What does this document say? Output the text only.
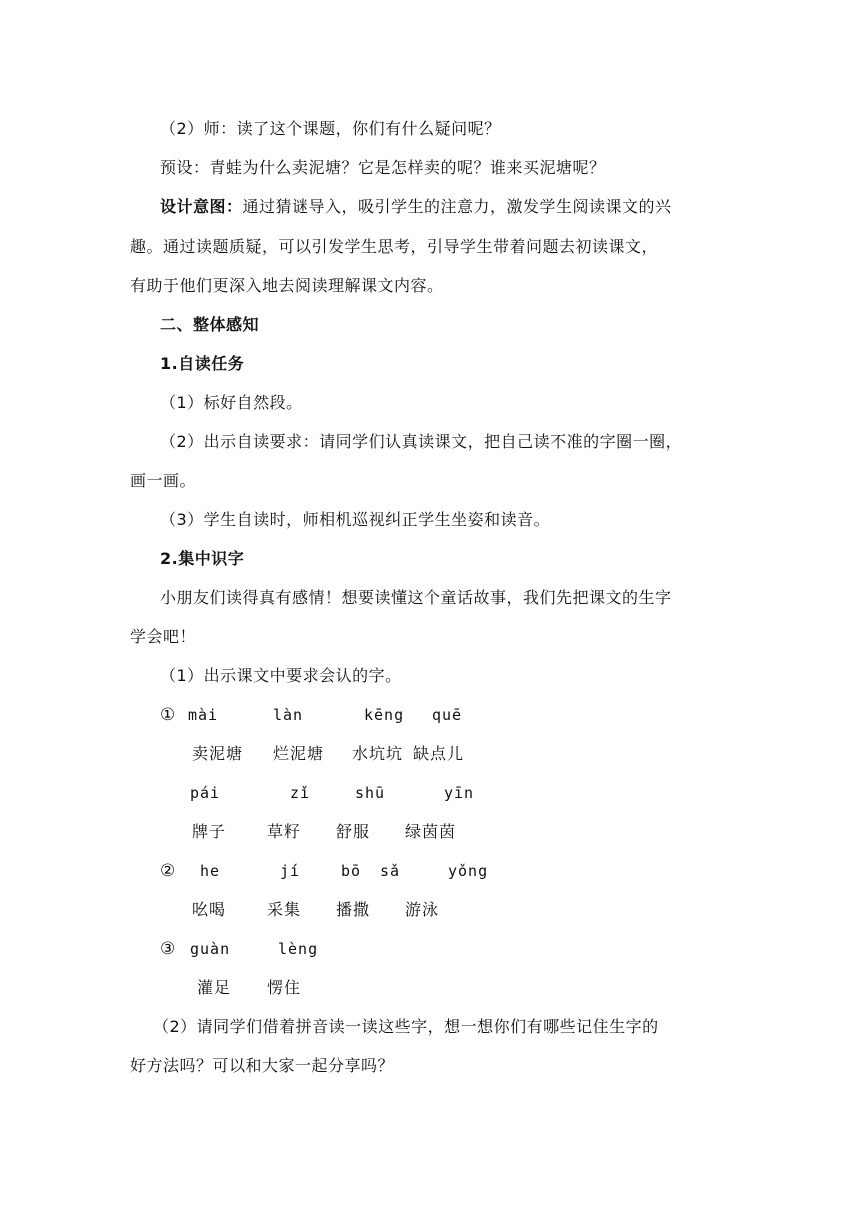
（2）师：读了这个课题，你们有什么疑问呢？
预设：青蛙为什么卖泥塘？它是怎样卖的呢？谁来买泥塘呢？
设计意图：通过猜谜导入，吸引学生的注意力，激发学生阅读课文的兴
趣。通过读题质疑，可以引发学生思考，引导学生带着问题去初读课文，
有助于他们更深入地去阅读理解课文内容。
二、整体感知
1.自读任务
（1）标好自然段。
（2）出示自读要求：请同学们认真读课文，把自己读不准的字圈一圈，
画一画。
（3）学生自读时，师相机巡视纠正学生坐姿和读音。
2.集中识字
小朋友们读得真有感情！想要读懂这个童话故事，我们先把课文的生字
学会吧！
（1）出示课文中要求会认的字。
① mài	làn	kēng quē
卖泥塘 烂泥塘 水坑坑 缺点儿
pái	zǐ	shū	yīn
牌子	草籽 舒服 绿茵茵
② he	jí	bō sǎ	yǒng
吆喝	采集 播撒 游泳
③ guàn	lèng
灌足 愣住
（2）请同学们借着拼音读一读这些字，想一想你们有哪些记住生字的
好方法吗？可以和大家一起分享吗？
